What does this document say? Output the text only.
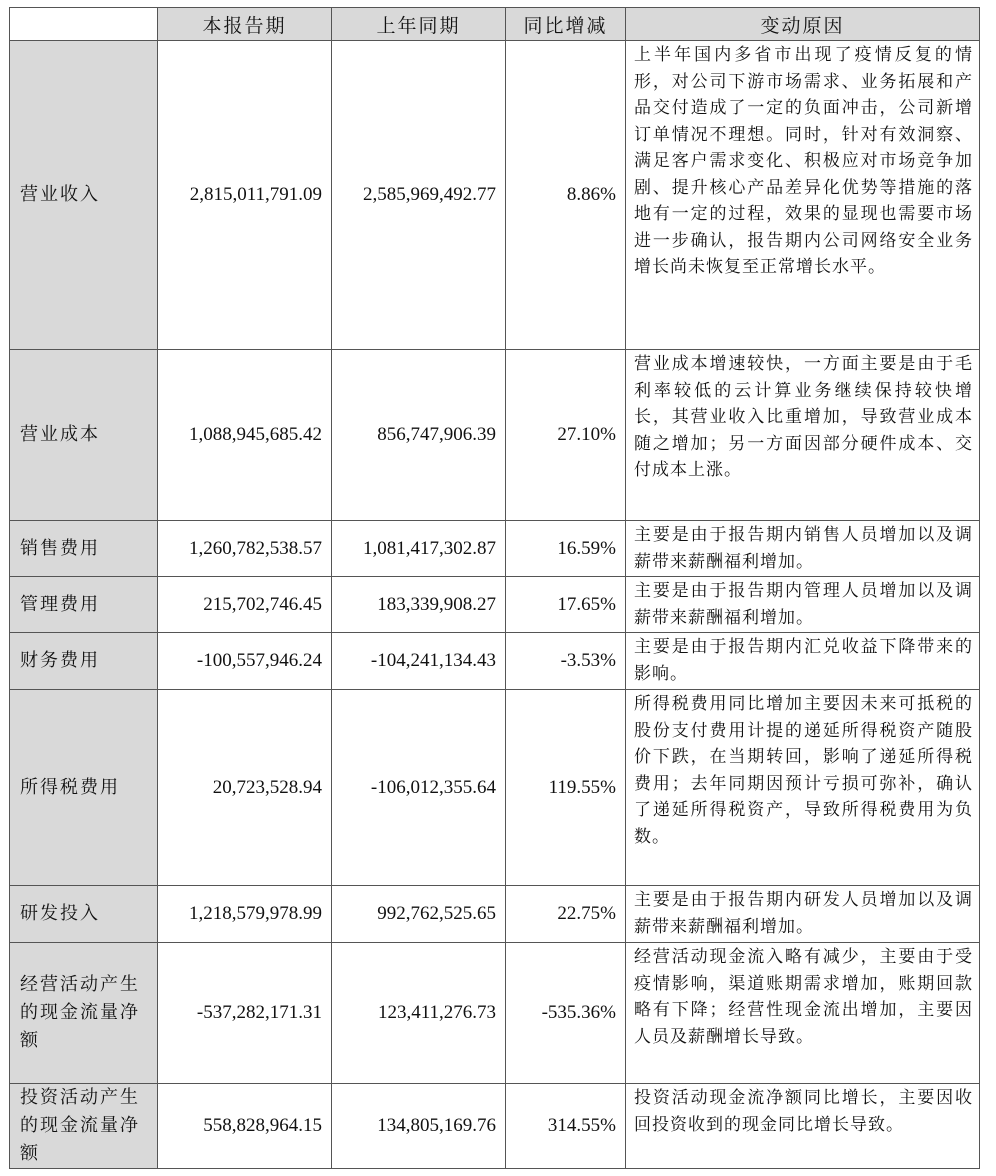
	本报告期	上年同期	同比增减	变动原因
营业收入	2,815,011,791.09	2,585,969,492.77	8.86%	上半年国内多省市出现了疫情反复的情形，对公司下游市场需求、业务拓展和产品交付造成了一定的负面冲击，公司新增订单情况不理想。同时，针对有效洞察、满足客户需求变化、积极应对市场竞争加剧、提升核心产品差异化优势等措施的落地有一定的过程，效果的显现也需要市场进一步确认，报告期内公司网络安全业务增长尚未恢复至正常增长水平。
营业成本	1,088,945,685.42	856,747,906.39	27.10%	营业成本增速较快，一方面主要是由于毛利率较低的云计算业务继续保持较快增长，其营业收入比重增加，导致营业成本随之增加；另一方面因部分硬件成本、交付成本上涨。
销售费用	1,260,782,538.57	1,081,417,302.87	16.59%	主要是由于报告期内销售人员增加以及调薪带来薪酬福利增加。
管理费用	215,702,746.45	183,339,908.27	17.65%	主要是由于报告期内管理人员增加以及调薪带来薪酬福利增加。
财务费用	-100,557,946.24	-104,241,134.43	-3.53%	主要是由于报告期内汇兑收益下降带来的影响。
所得税费用	20,723,528.94	-106,012,355.64	119.55%	所得税费用同比增加主要因未来可抵税的股份支付费用计提的递延所得税资产随股价下跌，在当期转回，影响了递延所得税费用；去年同期因预计亏损可弥补，确认了递延所得税资产，导致所得税费用为负数。
研发投入	1,218,579,978.99	992,762,525.65	22.75%	主要是由于报告期内研发人员增加以及调薪带来薪酬福利增加。
经营活动产生的现金流量净额	-537,282,171.31	123,411,276.73	-535.36%	经营活动现金流入略有减少，主要由于受疫情影响，渠道账期需求增加，账期回款略有下降；经营性现金流出增加，主要因人员及薪酬增长导致。
投资活动产生的现金流量净额	558,828,964.15	134,805,169.76	314.55%	投资活动现金流净额同比增长，主要因收回投资收到的现金同比增长导致。
